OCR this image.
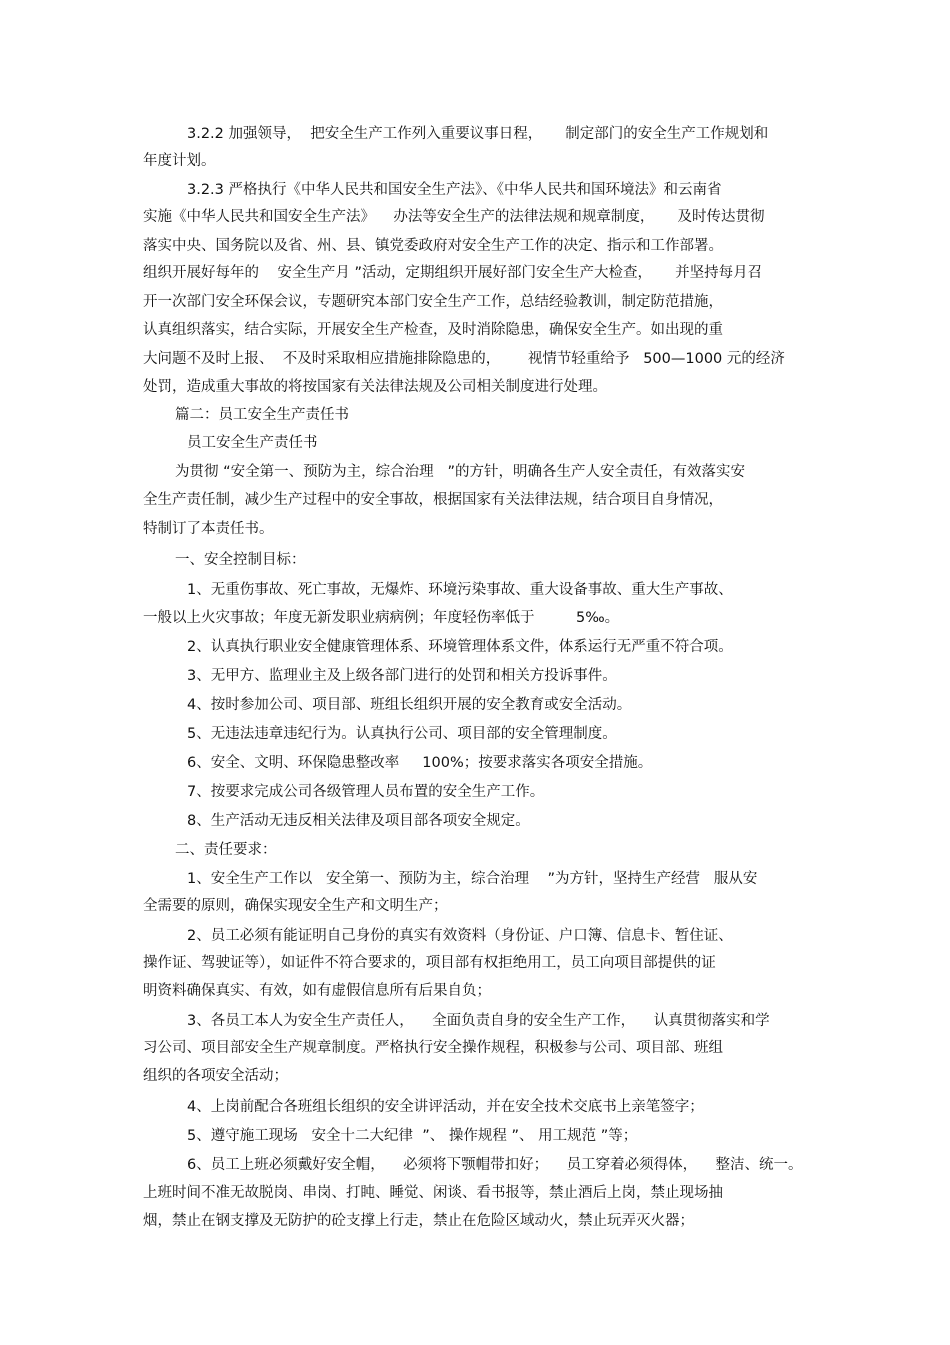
3.2.2 加强领导，  把安全生产工作列入重要议事日程，     制定部门的安全生产工作规划和
年度计划。
3.2.3 严格执行《中华人民共和国安全生产法》、《中华人民共和国环境法》和云南省
实施《中华人民共和国安全生产法》    办法等安全生产的法律法规和规章制度，     及时传达贯彻
落实中央、国务院以及省、州、县、镇党委政府对安全生产工作的决定、指示和工作部署。
组织开展好每年的    安全生产月 ”活动，定期组织开展好部门安全生产大检查，     并坚持每月召
开一次部门安全环保会议，专题研究本部门安全生产工作，总结经验教训，制定防范措施，
认真组织落实，结合实际，开展安全生产检查，及时消除隐患，确保安全生产。如出现的重
大问题不及时上报、  不及时采取相应措施排除隐患的，      视情节轻重给予   500—1000 元的经济
处罚，造成重大事故的将按国家有关法律法规及公司相关制度进行处理。
篇二：员工安全生产责任书
员工安全生产责任书
为贯彻 “安全第一、预防为主，综合治理   ”的方针，明确各生产人安全责任，有效落实安
全生产责任制，减少生产过程中的安全事故，根据国家有关法律法规，结合项目自身情况，
特制订了本责任书。
一、安全控制目标：
1、无重伤事故、死亡事故，无爆炸、环境污染事故、重大设备事故、重大生产事故、
一般以上火灾事故；年度无新发职业病病例；年度轻伤率低于         5‰。
2、认真执行职业安全健康管理体系、环境管理体系文件，体系运行无严重不符合项。
3、无甲方、监理业主及上级各部门进行的处罚和相关方投诉事件。
4、按时参加公司、项目部、班组长组织开展的安全教育或安全活动。
5、无违法违章违纪行为。认真执行公司、项目部的安全管理制度。
6、安全、文明、环保隐患整改率     100%；按要求落实各项安全措施。
7、按要求完成公司各级管理人员布置的安全生产工作。
8、生产活动无违反相关法律及项目部各项安全规定。
二、责任要求：
1、安全生产工作以   安全第一、预防为主，综合治理    ”为方针，坚持生产经营   服从安
全需要的原则，确保实现安全生产和文明生产；
2、员工必须有能证明自己身份的真实有效资料（身份证、户口簿、信息卡、暂住证、
操作证、驾驶证等），如证件不符合要求的，项目部有权拒绝用工，员工向项目部提供的证
明资料确保真实、有效，如有虚假信息所有后果自负；
3、各员工本人为安全生产责任人，    全面负责自身的安全生产工作，    认真贯彻落实和学
习公司、项目部安全生产规章制度。严格执行安全操作规程，积极参与公司、项目部、班组
组织的各项安全活动；
4、上岗前配合各班组长组织的安全讲评活动，并在安全技术交底书上亲笔签字；
5、遵守施工现场   安全十二大纪律  ”、 操作规程 ”、 用工规范 ”等；
6、员工上班必须戴好安全帽，    必须将下颚帽带扣好；    员工穿着必须得体，    整洁、统一。
上班时间不准无故脱岗、串岗、打盹、睡觉、闲谈、看书报等，禁止酒后上岗，禁止现场抽
烟，禁止在钢支撑及无防护的砼支撑上行走，禁止在危险区域动火，禁止玩弄灭火器；
